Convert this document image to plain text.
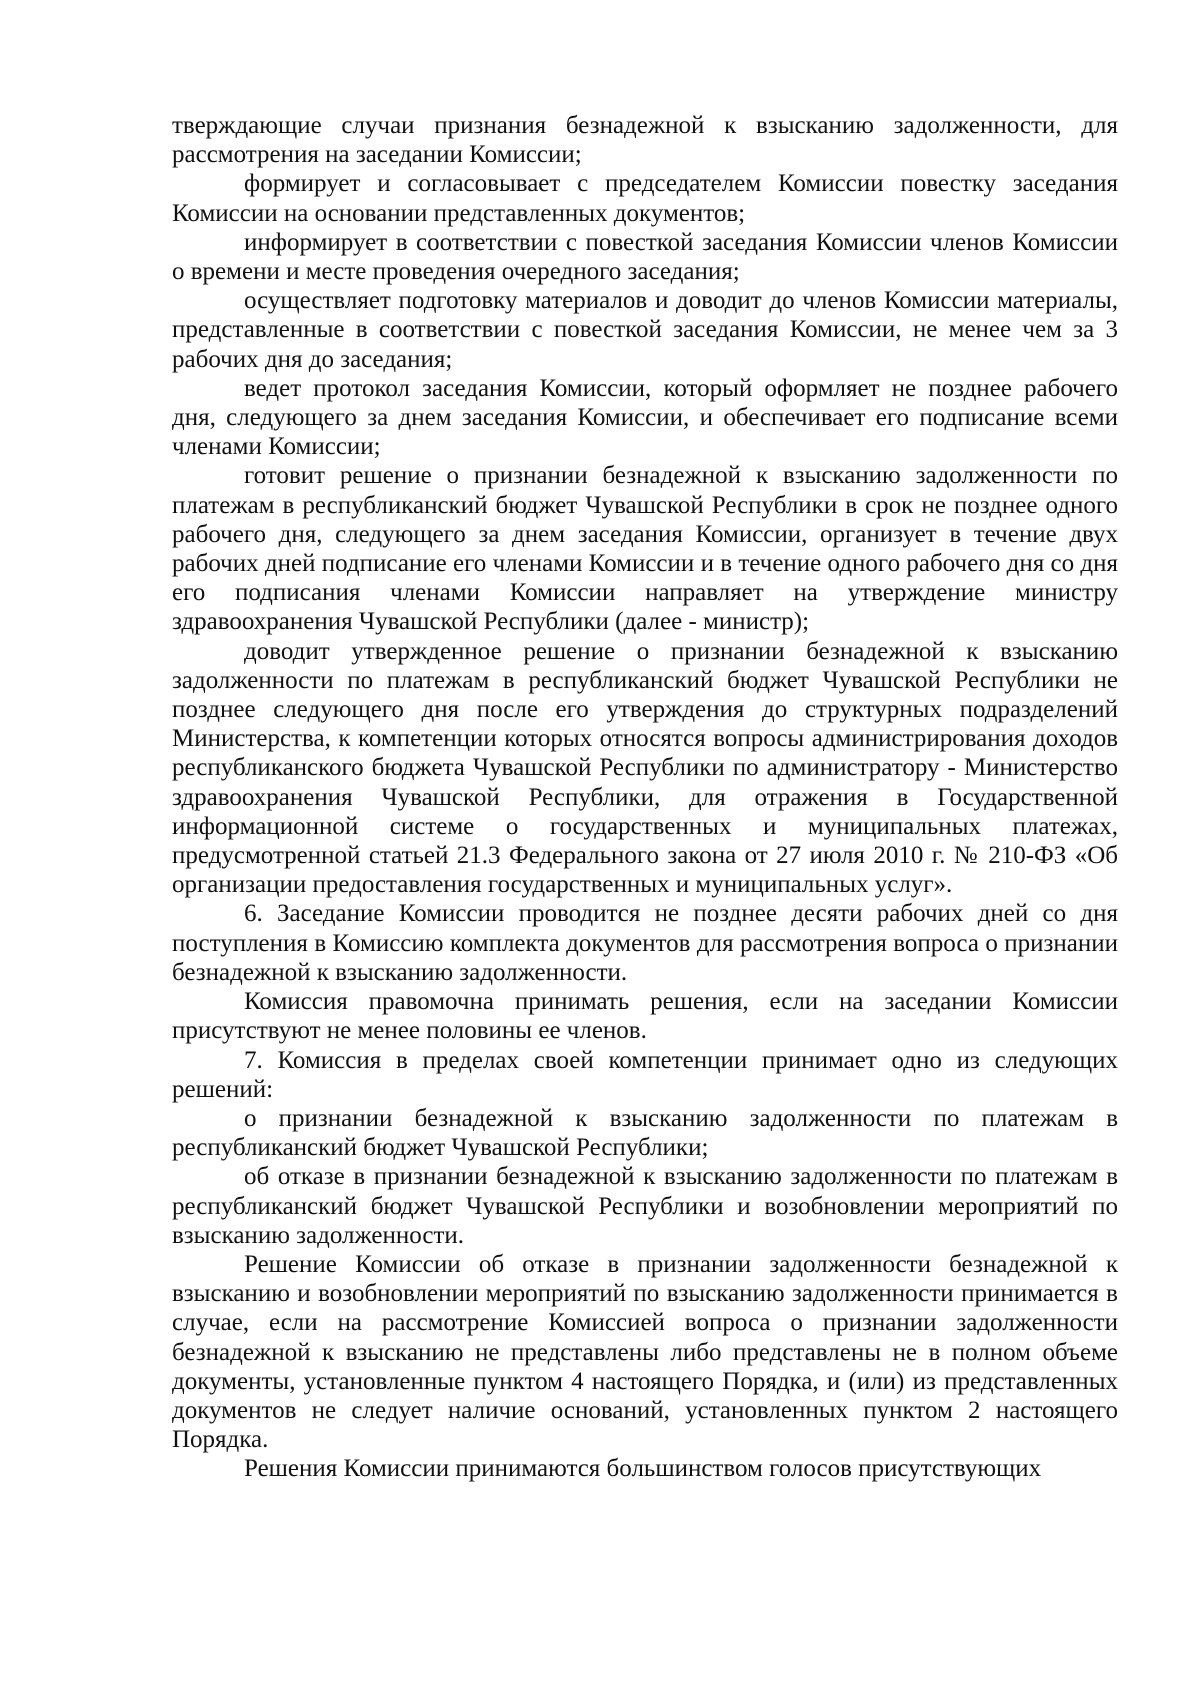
тверждающие случаи признания безнадежной к взысканию задолженности, для рассмотрения на заседании Комиссии;

формирует и согласовывает с председателем Комиссии повестку заседания Комиссии на основании представленных документов;

информирует в соответствии с повесткой заседания Комиссии членов Комиссии о времени и месте проведения очередного заседания;

осуществляет подготовку материалов и доводит до членов Комиссии материалы, представленные в соответствии с повесткой заседания Комиссии, не менее чем за 3 рабочих дня до заседания;

ведет протокол заседания Комиссии, который оформляет не позднее рабочего дня, следующего за днем заседания Комиссии, и обеспечивает его подписание всеми членами Комиссии;

готовит решение о признании безнадежной к взысканию задолженности по платежам в республиканский бюджет Чувашской Республики в срок не позднее одного рабочего дня, следующего за днем заседания Комиссии, организует в течение двух рабочих дней подписание его членами Комиссии и в течение одного рабочего дня со дня его подписания членами Комиссии направляет на утверждение министру здравоохранения Чувашской Республики (далее - министр);

доводит утвержденное решение о признании безнадежной к взысканию задолженности по платежам в республиканский бюджет Чувашской Республики не позднее следующего дня после его утверждения до структурных подразделений Министерства, к компетенции которых относятся вопросы администрирования доходов республиканского бюджета Чувашской Республики по администратору - Министерство здравоохранения Чувашской Республики, для отражения в Государственной информационной системе о государственных и муниципальных платежах, предусмотренной статьей 21.3 Федерального закона от 27 июля 2010 г. № 210-ФЗ «Об организации предоставления государственных и муниципальных услуг».

6. Заседание Комиссии проводится не позднее десяти рабочих дней со дня поступления в Комиссию комплекта документов для рассмотрения вопроса о признании безнадежной к взысканию задолженности.

Комиссия правомочна принимать решения, если на заседании Комиссии присутствуют не менее половины ее членов.

7. Комиссия в пределах своей компетенции принимает одно из следующих решений:

о признании безнадежной к взысканию задолженности по платежам в республиканский бюджет Чувашской Республики;

об отказе в признании безнадежной к взысканию задолженности по платежам в республиканский бюджет Чувашской Республики и возобновлении мероприятий по взысканию задолженности.

Решение Комиссии об отказе в признании задолженности безнадежной к взысканию и возобновлении мероприятий по взысканию задолженности принимается в случае, если на рассмотрение Комиссией вопроса о признании задолженности безнадежной к взысканию не представлены либо представлены не в полном объеме документы, установленные пунктом 4 настоящего Порядка, и (или) из представленных документов не следует наличие оснований, установленных пунктом 2 настоящего Порядка.

Решения Комиссии принимаются большинством голосов присутствующих
